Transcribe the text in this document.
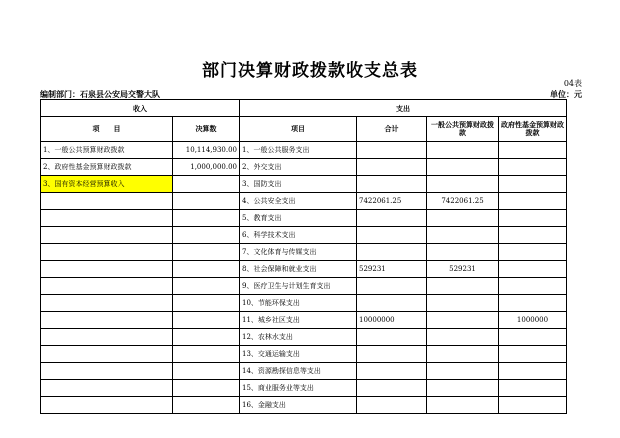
部门决算财政拨款收支总表
04表
编制部门：石泉县公安局交警大队	单位：元
收入		支出			
项　　目	决算数	项目	合计	一般公共预算财政拨款	政府性基金预算财政拨款
1、一般公共预算财政拨款	10,114,930.00	1、一般公共服务支出			
2、政府性基金预算财政拨款	1,000,000.00	2、外交支出			
3、国有资本经营预算收入		3、国防支出			
		4、公共安全支出	7422061.25	7422061.25	
		5、教育支出			
		6、科学技术支出			
		7、文化体育与传媒支出			
		8、社会保障和就业支出	529231	529231	
		9、医疗卫生与计划生育支出			
		10、节能环保支出			
		11、城乡社区支出	10000000		1000000
		12、农林水支出			
		13、交通运输支出			
		14、资源勘探信息等支出			
		15、商业服务业等支出			
		16、金融支出			
